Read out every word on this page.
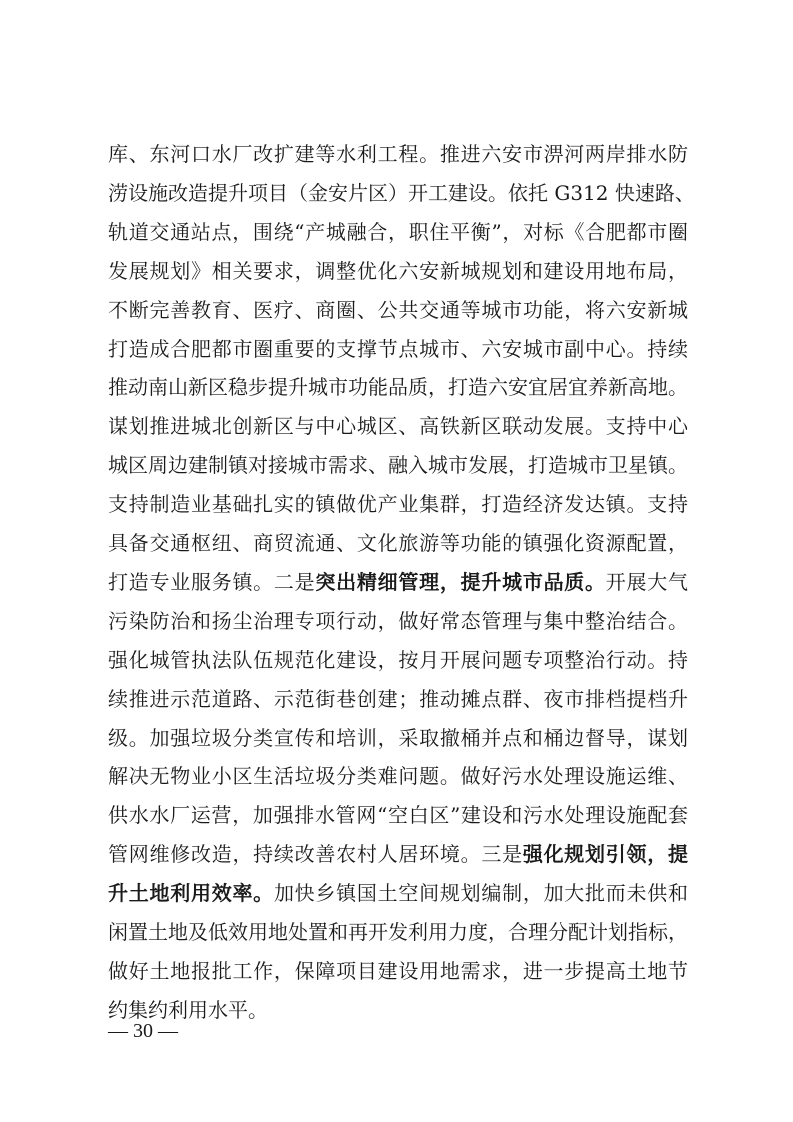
库、东河口水厂改扩建等水利工程。推进六安市淠河两岸排水防
涝设施改造提升项目（金安片区）开工建设。依托 G312 快速路、
轨道交通站点，围绕“产城融合，职住平衡”，对标《合肥都市圈
发展规划》相关要求，调整优化六安新城规划和建设用地布局，
不断完善教育、医疗、商圈、公共交通等城市功能，将六安新城
打造成合肥都市圈重要的支撑节点城市、六安城市副中心。持续
推动南山新区稳步提升城市功能品质，打造六安宜居宜养新高地。
谋划推进城北创新区与中心城区、高铁新区联动发展。支持中心
城区周边建制镇对接城市需求、融入城市发展，打造城市卫星镇。
支持制造业基础扎实的镇做优产业集群，打造经济发达镇。支持
具备交通枢纽、商贸流通、文化旅游等功能的镇强化资源配置，
打造专业服务镇。二是突出精细管理，提升城市品质。开展大气
污染防治和扬尘治理专项行动，做好常态管理与集中整治结合。
强化城管执法队伍规范化建设，按月开展问题专项整治行动。持
续推进示范道路、示范街巷创建；推动摊点群、夜市排档提档升
级。加强垃圾分类宣传和培训，采取撤桶并点和桶边督导，谋划
解决无物业小区生活垃圾分类难问题。做好污水处理设施运维、
供水水厂运营，加强排水管网“空白区”建设和污水处理设施配套
管网维修改造，持续改善农村人居环境。三是强化规划引领，提
升土地利用效率。加快乡镇国土空间规划编制，加大批而未供和
闲置土地及低效用地处置和再开发利用力度，合理分配计划指标，
做好土地报批工作，保障项目建设用地需求，进一步提高土地节
约集约利用水平。
— 30 —
